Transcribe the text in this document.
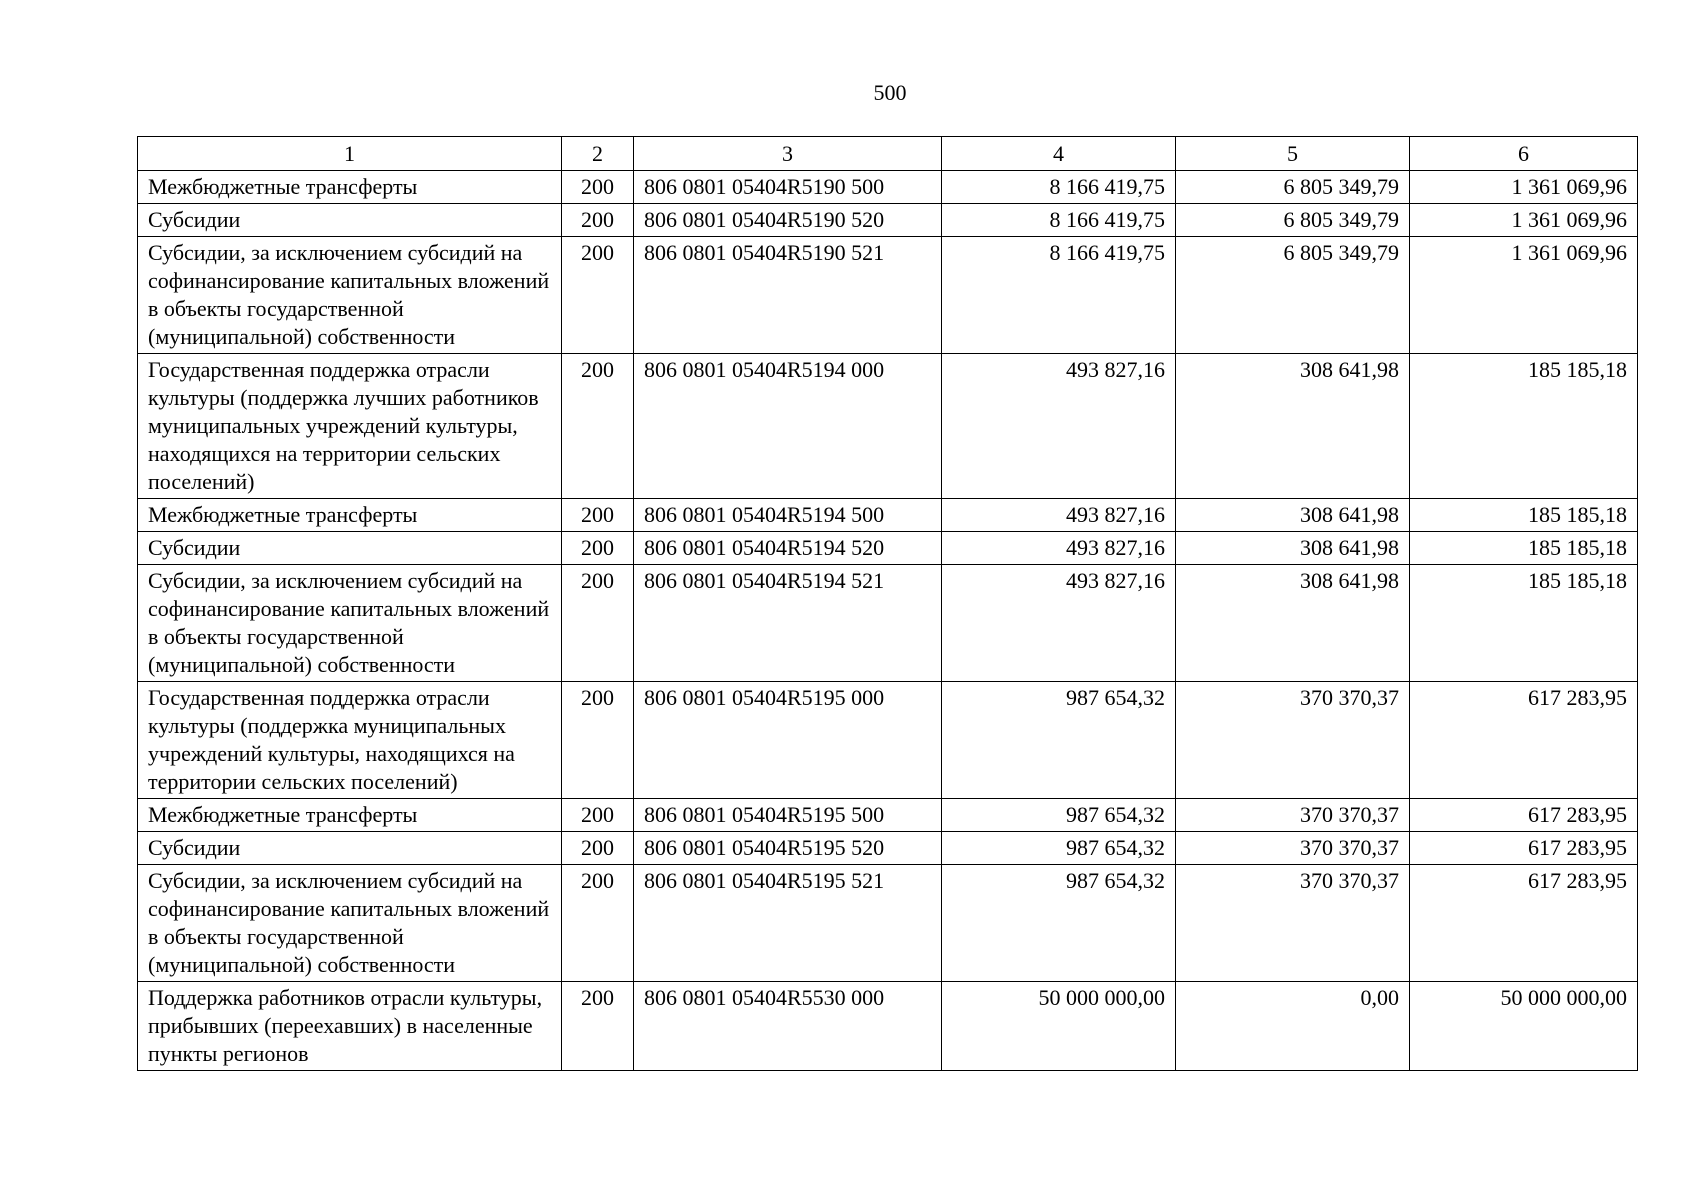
500
1	2	3	4	5	6
Межбюджетные трансферты	200	806 0801 05404R5190 500	8 166 419,75	6 805 349,79	1 361 069,96
Субсидии	200	806 0801 05404R5190 520	8 166 419,75	6 805 349,79	1 361 069,96
Субсидии, за исключением субсидий на софинансирование капитальных вложений в объекты государственной (муниципальной) собственности	200	806 0801 05404R5190 521	8 166 419,75	6 805 349,79	1 361 069,96
Государственная поддержка отрасли культуры (поддержка лучших работников муниципальных учреждений культуры, находящихся на территории сельских поселений)	200	806 0801 05404R5194 000	493 827,16	308 641,98	185 185,18
Межбюджетные трансферты	200	806 0801 05404R5194 500	493 827,16	308 641,98	185 185,18
Субсидии	200	806 0801 05404R5194 520	493 827,16	308 641,98	185 185,18
Субсидии, за исключением субсидий на софинансирование капитальных вложений в объекты государственной (муниципальной) собственности	200	806 0801 05404R5194 521	493 827,16	308 641,98	185 185,18
Государственная поддержка отрасли культуры (поддержка муниципальных учреждений культуры, находящихся на территории сельских поселений)	200	806 0801 05404R5195 000	987 654,32	370 370,37	617 283,95
Межбюджетные трансферты	200	806 0801 05404R5195 500	987 654,32	370 370,37	617 283,95
Субсидии	200	806 0801 05404R5195 520	987 654,32	370 370,37	617 283,95
Субсидии, за исключением субсидий на софинансирование капитальных вложений в объекты государственной (муниципальной) собственности	200	806 0801 05404R5195 521	987 654,32	370 370,37	617 283,95
Поддержка работников отрасли культуры, прибывших (переехавших) в населенные пункты регионов	200	806 0801 05404R5530 000	50 000 000,00	0,00	50 000 000,00
